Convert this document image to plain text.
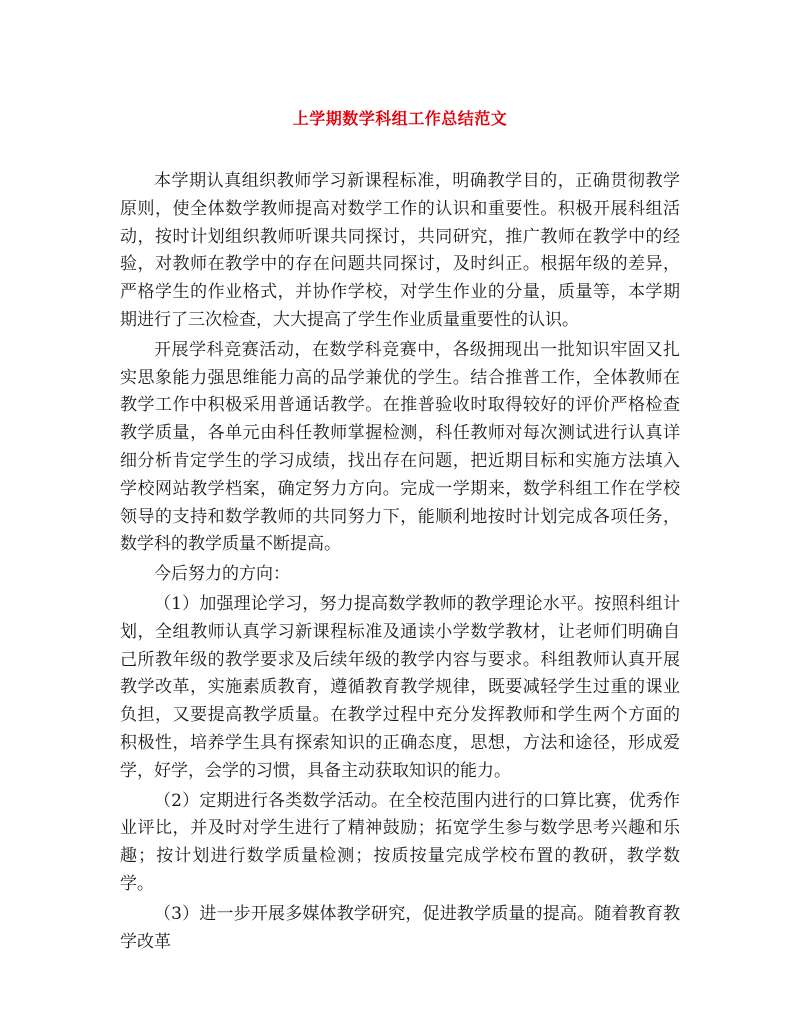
上学期数学科组工作总结范文

本学期认真组织教师学习新课程标准，明确教学目的，正确贯彻教学原则，使全体数学教师提高对数学工作的认识和重要性。积极开展科组活动，按时计划组织教师听课共同探讨，共同研究，推广教师在教学中的经验，对教师在教学中的存在问题共同探讨，及时纠正。根据年级的差异，严格学生的作业格式，并协作学校，对学生作业的分量，质量等，本学期期进行了三次检查，大大提高了学生作业质量重要性的认识。

开展学科竞赛活动，在数学科竞赛中，各级拥现出一批知识牢固又扎实思象能力强思维能力高的品学兼优的学生。结合推普工作，全体教师在教学工作中积极采用普通话教学。在推普验收时取得较好的评价严格检查教学质量，各单元由科任教师掌握检测，科任教师对每次测试进行认真详细分析肯定学生的学习成绩，找出存在问题，把近期目标和实施方法填入学校网站教学档案，确定努力方向。完成一学期来，数学科组工作在学校领导的支持和数学教师的共同努力下，能顺利地按时计划完成各项任务，数学科的教学质量不断提高。

今后努力的方向：

（1）加强理论学习，努力提高数学教师的教学理论水平。按照科组计划，全组教师认真学习新课程标准及通读小学数学教材，让老师们明确自己所教年级的教学要求及后续年级的教学内容与要求。科组教师认真开展教学改革，实施素质教育，遵循教育教学规律，既要减轻学生过重的课业负担，又要提高教学质量。在教学过程中充分发挥教师和学生两个方面的积极性，培养学生具有探索知识的正确态度，思想，方法和途径，形成爱学，好学，会学的习惯，具备主动获取知识的能力。

（2）定期进行各类数学活动。在全校范围内进行的口算比赛，优秀作业评比，并及时对学生进行了精神鼓励；拓宽学生参与数学思考兴趣和乐趣；按计划进行数学质量检测；按质按量完成学校布置的教研，教学数学。

（3）进一步开展多媒体教学研究，促进教学质量的提高。随着教育教学改革
